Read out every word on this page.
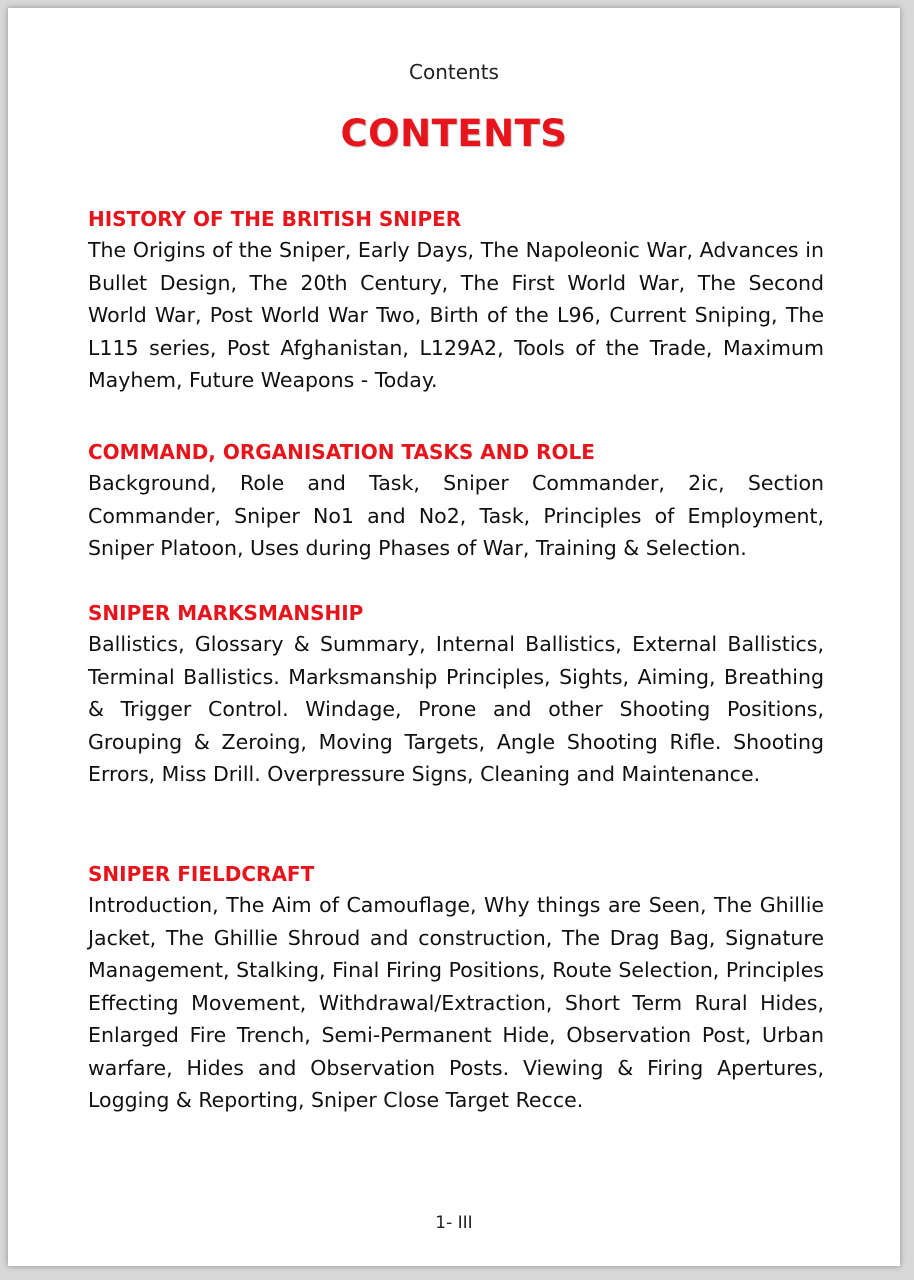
Contents
CONTENTS
HISTORY OF THE BRITISH SNIPER

The Origins of the Sniper, Early Days, The Napoleonic War, Advances in Bullet Design, The 20th Century, The First World War, The Second World War, Post World War Two, Birth of the L96, Current Sniping, The L115 series, Post Afghanistan, L129A2, Tools of the Trade, Maximum Mayhem, Future Weapons - Today.

COMMAND, ORGANISATION TASKS AND ROLE

Background, Role and Task, Sniper Commander, 2ic, Section Commander, Sniper No1 and No2, Task, Principles of Employment, Sniper Platoon, Uses during Phases of War, Training & Selection.

SNIPER MARKSMANSHIP

Ballistics, Glossary & Summary, Internal Ballistics, External Ballistics, Terminal Ballistics. Marksmanship Principles, Sights, Aiming, Breathing & Trigger Control. Windage, Prone and other Shooting Positions, Grouping & Zeroing, Moving Targets, Angle Shooting Rifle. Shooting Errors, Miss Drill. Overpressure Signs, Cleaning and Maintenance.

SNIPER FIELDCRAFT

Introduction, The Aim of Camouflage, Why things are Seen, The Ghillie Jacket, The Ghillie Shroud and construction, The Drag Bag, Signature Management, Stalking, Final Firing Positions, Route Selection, Principles Effecting Movement, Withdrawal/Extraction, Short Term Rural Hides, Enlarged Fire Trench, Semi-Permanent Hide, Observation Post, Urban warfare, Hides and Observation Posts. Viewing & Firing Apertures, Logging & Reporting, Sniper Close Target Recce.

1- III
